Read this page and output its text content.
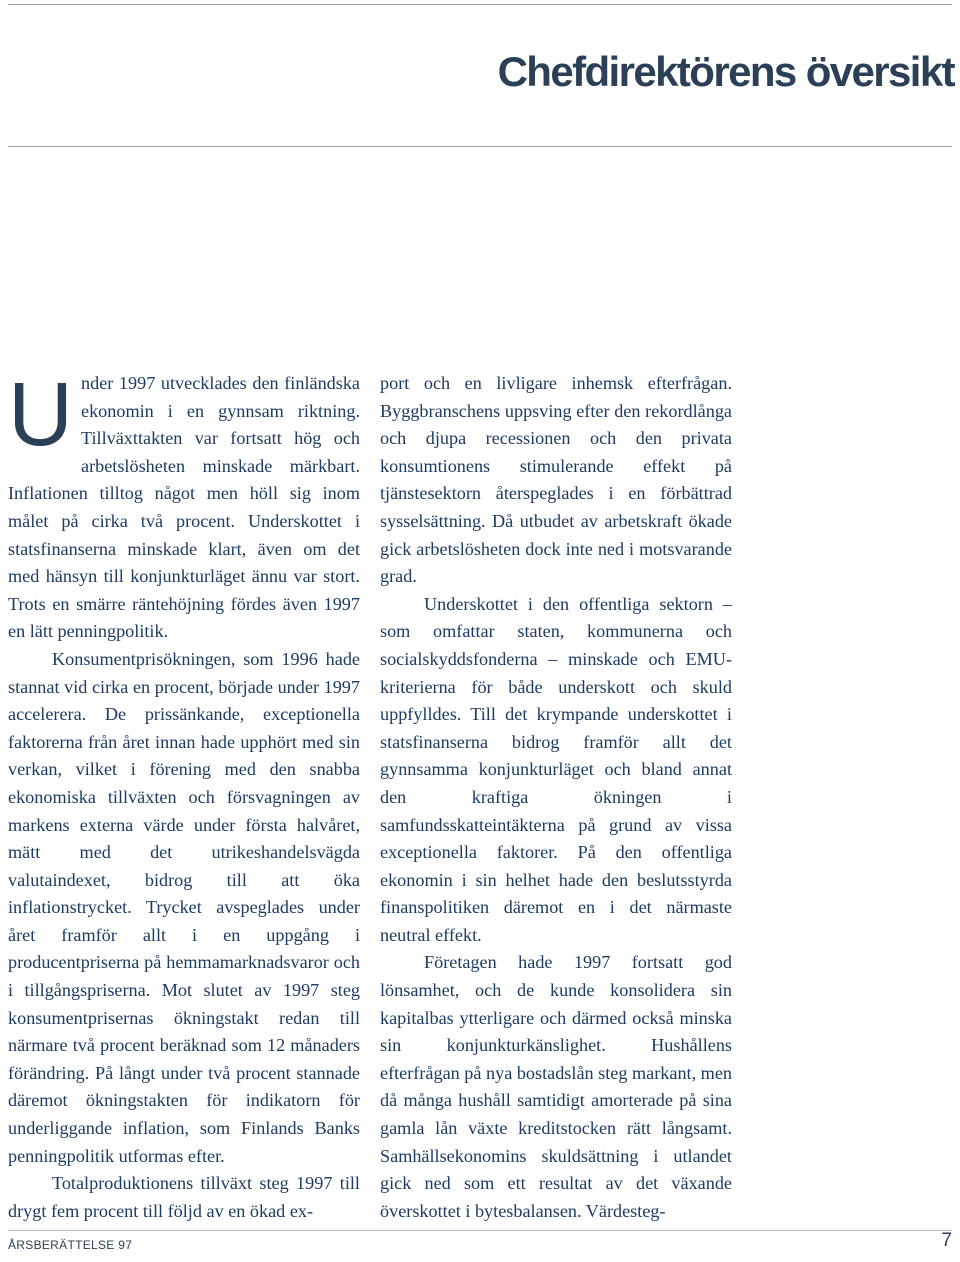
Chefdirektörens översikt

Under 1997 utvecklades den finländska ekonomin i en gynnsam riktning. Tillväxttakten var fortsatt hög och arbetslösheten minskade märkbart. Inflationen tilltog något men höll sig inom målet på cirka två procent. Underskottet i statsfinanserna minskade klart, även om det med hänsyn till konjunkturläget ännu var stort. Trots en smärre räntehöjning fördes även 1997 en lätt penningpolitik.

Konsumentprisökningen, som 1996 hade stannat vid cirka en procent, började under 1997 accelerera. De prissänkande, exceptionella faktorerna från året innan hade upphört med sin verkan, vilket i förening med den snabba ekonomiska tillväxten och försvagningen av markens externa värde under första halvåret, mätt med det utrikeshandelsvägda valutaindexet, bidrog till att öka inflationstrycket. Trycket avspeglades under året framför allt i en uppgång i producentpriserna på hemmamarknadsvaror och i tillgångspriserna. Mot slutet av 1997 steg konsumentprisernas ökningstakt redan till närmare två procent beräknad som 12 månaders förändring. På långt under två procent stannade däremot ökningstakten för indikatorn för underliggande inflation, som Finlands Banks penningpolitik utformas efter.

Totalproduktionens tillväxt steg 1997 till drygt fem procent till följd av en ökad ex-

port och en livligare inhemsk efterfrågan. Byggbranschens uppsving efter den rekordlånga och djupa recessionen och den privata konsumtionens stimulerande effekt på tjänstesektorn återspeglades i en förbättrad sysselsättning. Då utbudet av arbetskraft ökade gick arbetslösheten dock inte ned i motsvarande grad.

Underskottet i den offentliga sektorn – som omfattar staten, kommunerna och socialskyddsfonderna – minskade och EMU-kriterierna för både underskott och skuld uppfylldes. Till det krympande underskottet i statsfinanserna bidrog framför allt det gynnsamma konjunkturläget och bland annat den kraftiga ökningen i samfundsskatteintäkterna på grund av vissa exceptionella faktorer. På den offentliga ekonomin i sin helhet hade den beslutsstyrda finanspolitiken däremot en i det närmaste neutral effekt.

Företagen hade 1997 fortsatt god lönsamhet, och de kunde konsolidera sin kapitalbas ytterligare och därmed också minska sin konjunkturkänslighet. Hushållens efterfrågan på nya bostadslån steg markant, men då många hushåll samtidigt amorterade på sina gamla lån växte kreditstocken rätt långsamt. Samhällsekonomins skuldsättning i utlandet gick ned som ett resultat av det växande överskottet i bytesbalansen. Värdesteg-

ÅRSBERÄTTELSE 97	7
